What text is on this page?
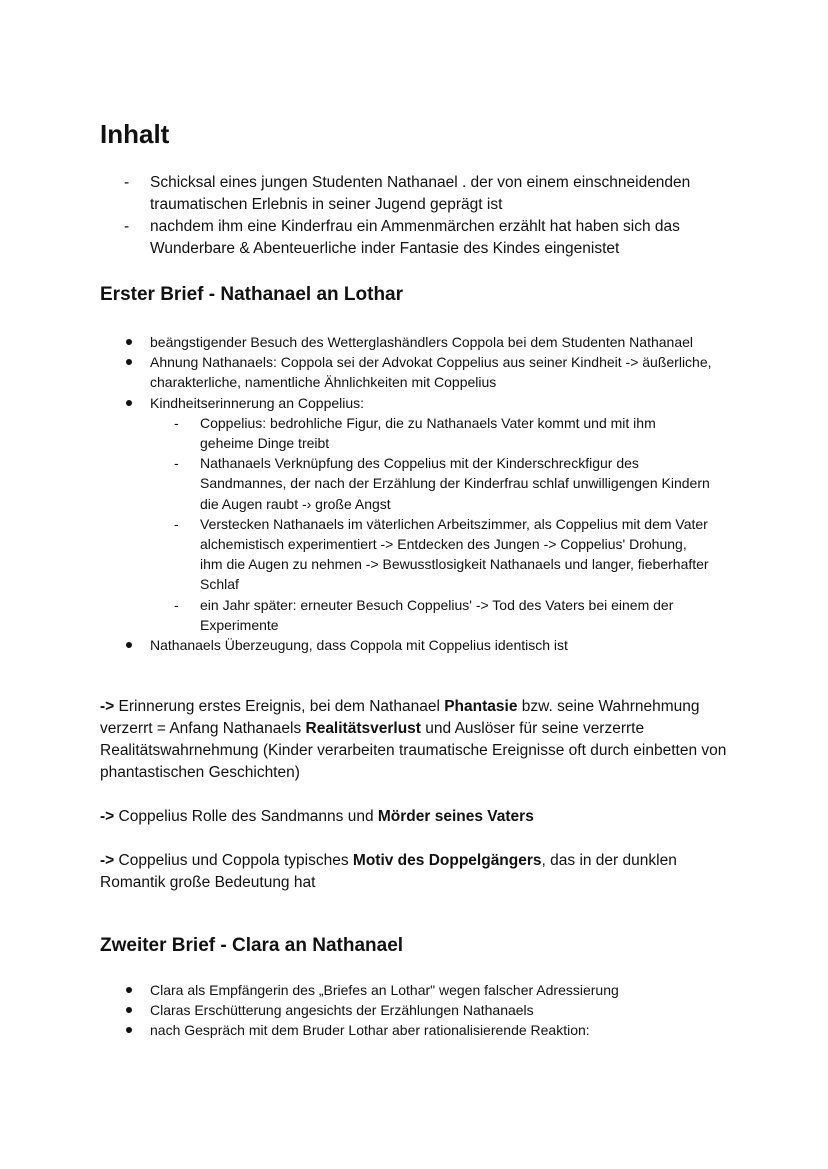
Inhalt
- Schicksal eines jungen Studenten Nathanael . der von einem einschneidenden traumatischen Erlebnis in seiner Jugend geprägt ist
- nachdem ihm eine Kinderfrau ein Ammenmärchen erzählt hat haben sich das Wunderbare & Abenteuerliche inder Fantasie des Kindes eingenistet
Erster Brief - Nathanael an Lothar
beängstigender Besuch des Wetterglashändlers Coppola bei dem Studenten Nathanael
Ahnung Nathanaels: Coppola sei der Advokat Coppelius aus seiner Kindheit -> äußerliche, charakterliche, namentliche Ähnlichkeiten mit Coppelius
Kindheitserinnerung an Coppelius:
- Coppelius: bedrohliche Figur, die zu Nathanaels Vater kommt und mit ihm geheime Dinge treibt
- Nathanaels Verknüpfung des Coppelius mit der Kinderschreckfigur des Sandmannes, der nach der Erzählung der Kinderfrau schlaf unwilligengen Kindern die Augen raubt -› große Angst
- Verstecken Nathanaels im väterlichen Arbeitszimmer, als Coppelius mit dem Vater alchemistisch experimentiert -> Entdecken des Jungen -> Coppelius' Drohung, ihm die Augen zu nehmen -> Bewusstlosigkeit Nathanaels und langer, fieberhafter Schlaf
- ein Jahr später: erneuter Besuch Coppelius' -> Tod des Vaters bei einem der Experimente
Nathanaels Überzeugung, dass Coppola mit Coppelius identisch ist

-> Erinnerung erstes Ereignis, bei dem Nathanael Phantasie bzw. seine Wahrnehmung verzerrt = Anfang Nathanaels Realitätsverlust und Auslöser für seine verzerrte Realitätswahrnehmung (Kinder verarbeiten traumatische Ereignisse oft durch einbetten von phantastischen Geschichten)

-> Coppelius Rolle des Sandmanns und Mörder seines Vaters

-> Coppelius und Coppola typisches Motiv des Doppelgängers, das in der dunklen Romantik große Bedeutung hat

Zweiter Brief - Clara an Nathanael
Clara als Empfängerin des „Briefes an Lothar" wegen falscher Adressierung
Claras Erschütterung angesichts der Erzählungen Nathanaels
nach Gespräch mit dem Bruder Lothar aber rationalisierende Reaktion:
